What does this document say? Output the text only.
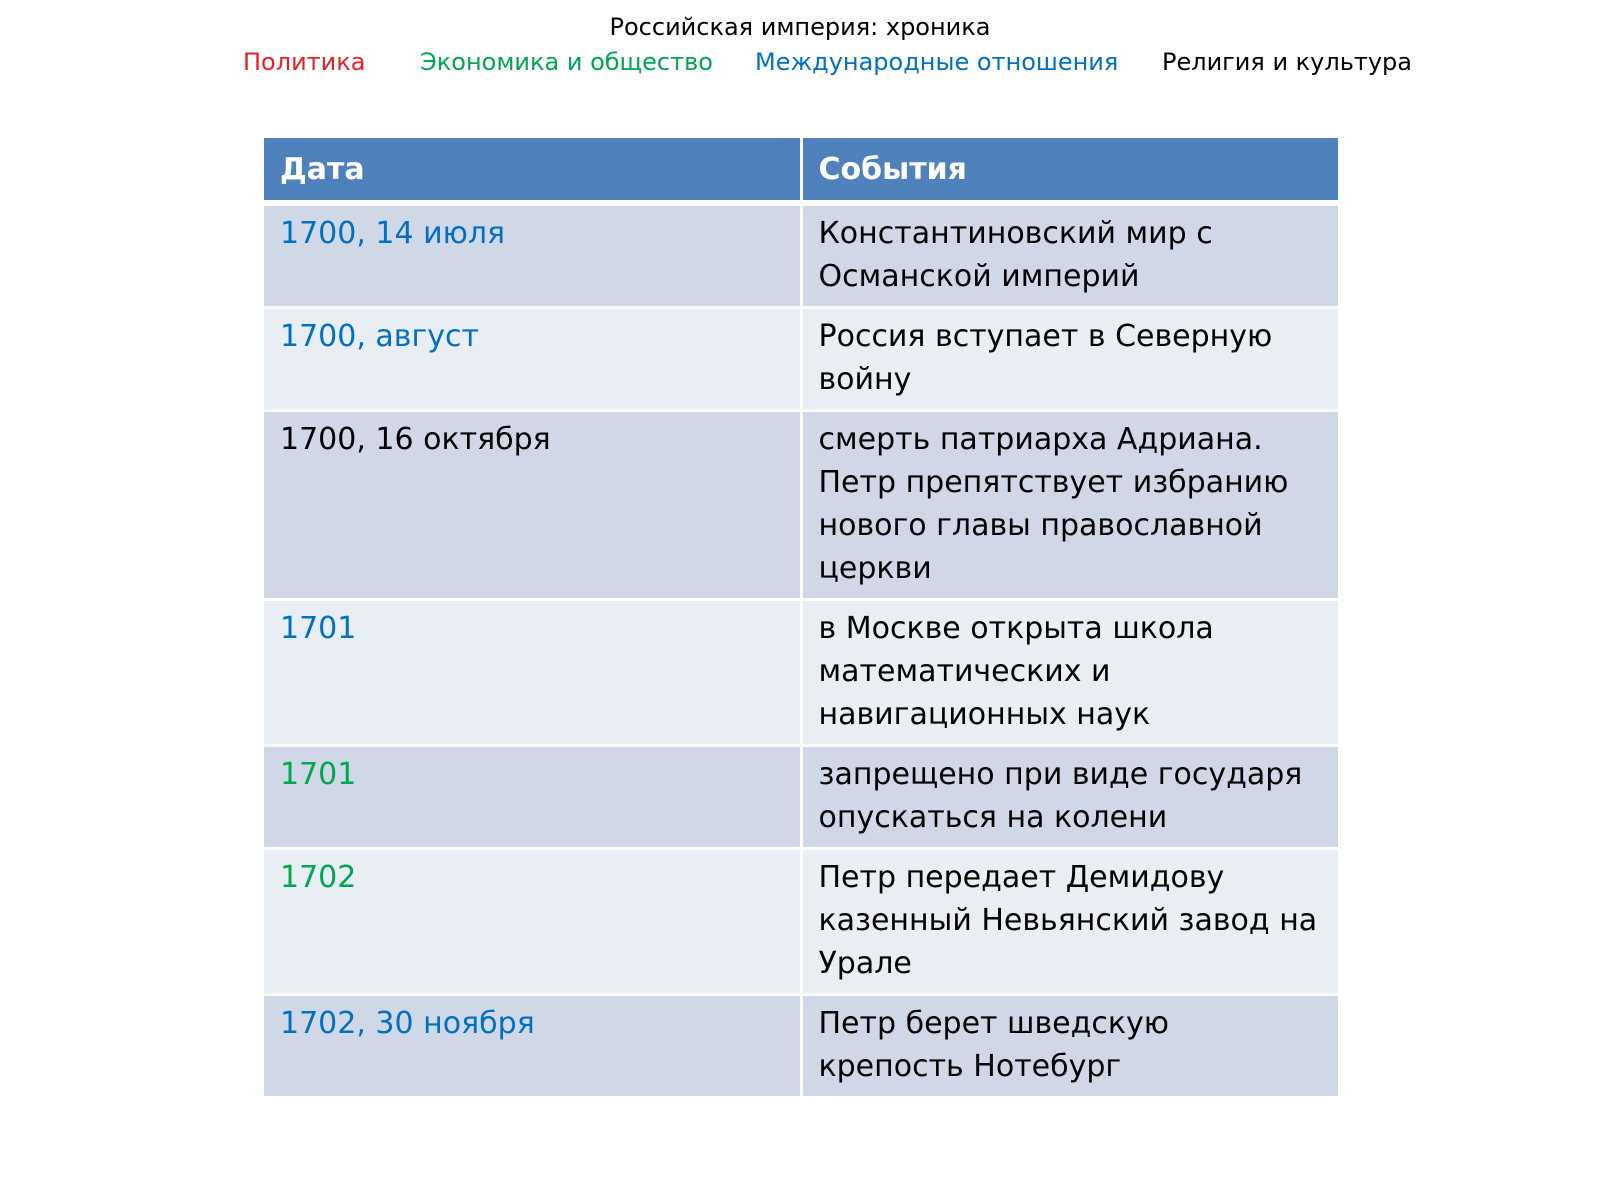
Российская империя: хроника
Политика Экономика и общество Международные отношения Религия и культура
Дата	События
1700, 14 июля	Константиновский мир с Османской империй
1700, август	Россия вступает в Северную войну
1700, 16 октября	смерть патриарха Адриана. Петр препятствует избранию нового главы православной церкви
1701	в Москве открыта школа математических и навигационных наук
1701	запрещено при виде государя опускаться на колени
1702	Петр передает Демидову казенный Невьянский завод на Урале
1702, 30 ноября	Петр берет шведскую крепость Нотебург
